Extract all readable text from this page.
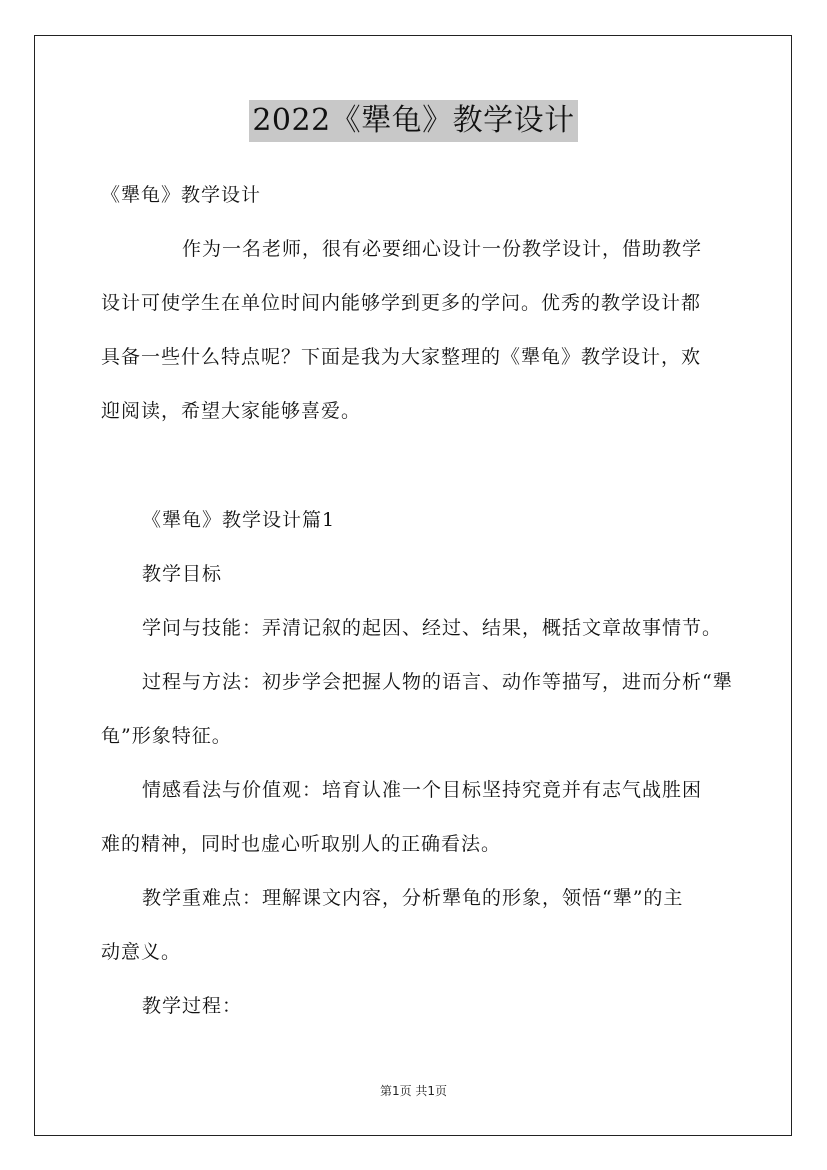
2022《犟龟》教学设计
《犟龟》教学设计
作为一名老师，很有必要细心设计一份教学设计，借助教学
设计可使学生在单位时间内能够学到更多的学问。优秀的教学设计都
具备一些什么特点呢？下面是我为大家整理的《犟龟》教学设计，欢
迎阅读，希望大家能够喜爱。
《犟龟》教学设计篇1
教学目标
学问与技能：弄清记叙的起因、经过、结果，概括文章故事情节。
过程与方法：初步学会把握人物的语言、动作等描写，进而分析“犟
龟”形象特征。
情感看法与价值观：培育认准一个目标坚持究竟并有志气战胜困
难的精神，同时也虚心听取别人的正确看法。
教学重难点：理解课文内容，分析犟龟的形象，领悟“犟”的主
动意义。
教学过程：
第1页 共1页
